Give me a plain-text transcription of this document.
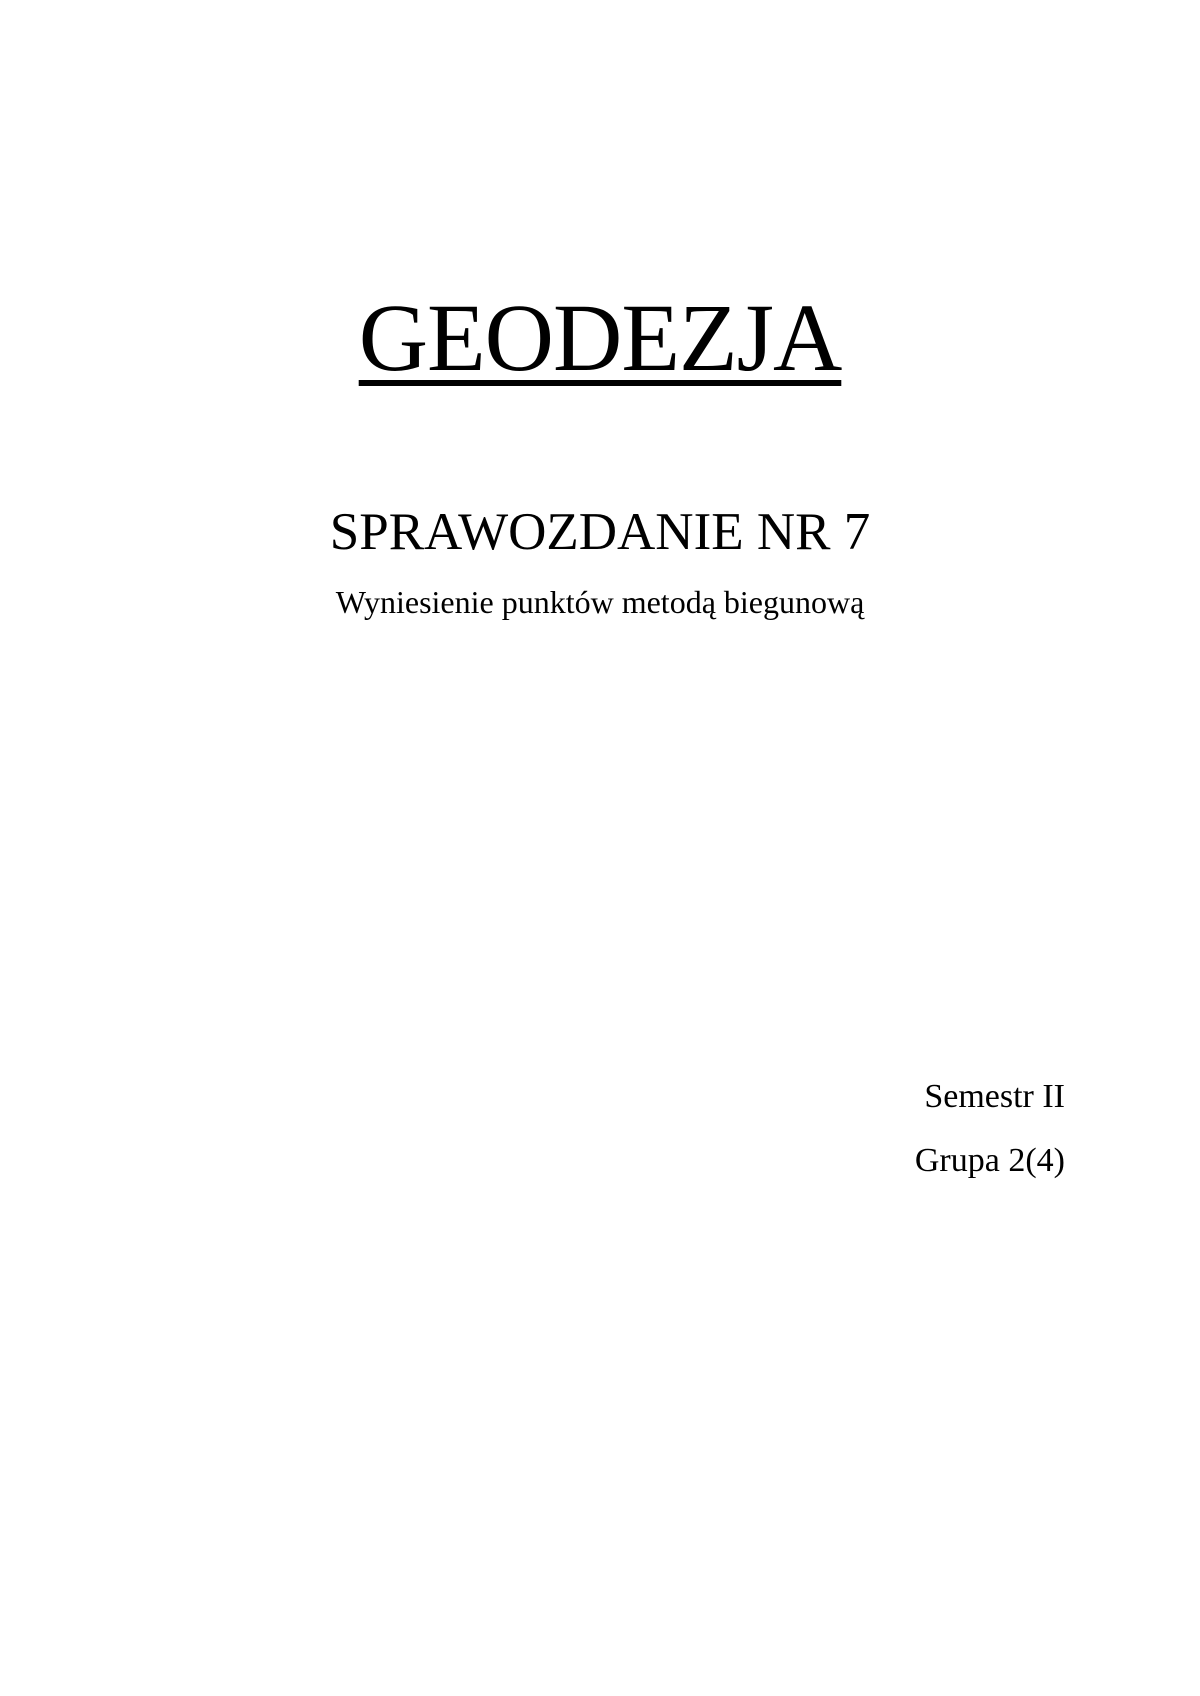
GEODEZJA
SPRAWOZDANIE NR 7

Wyniesienie punktów metodą biegunową

Semestr II
Grupa 2(4)
